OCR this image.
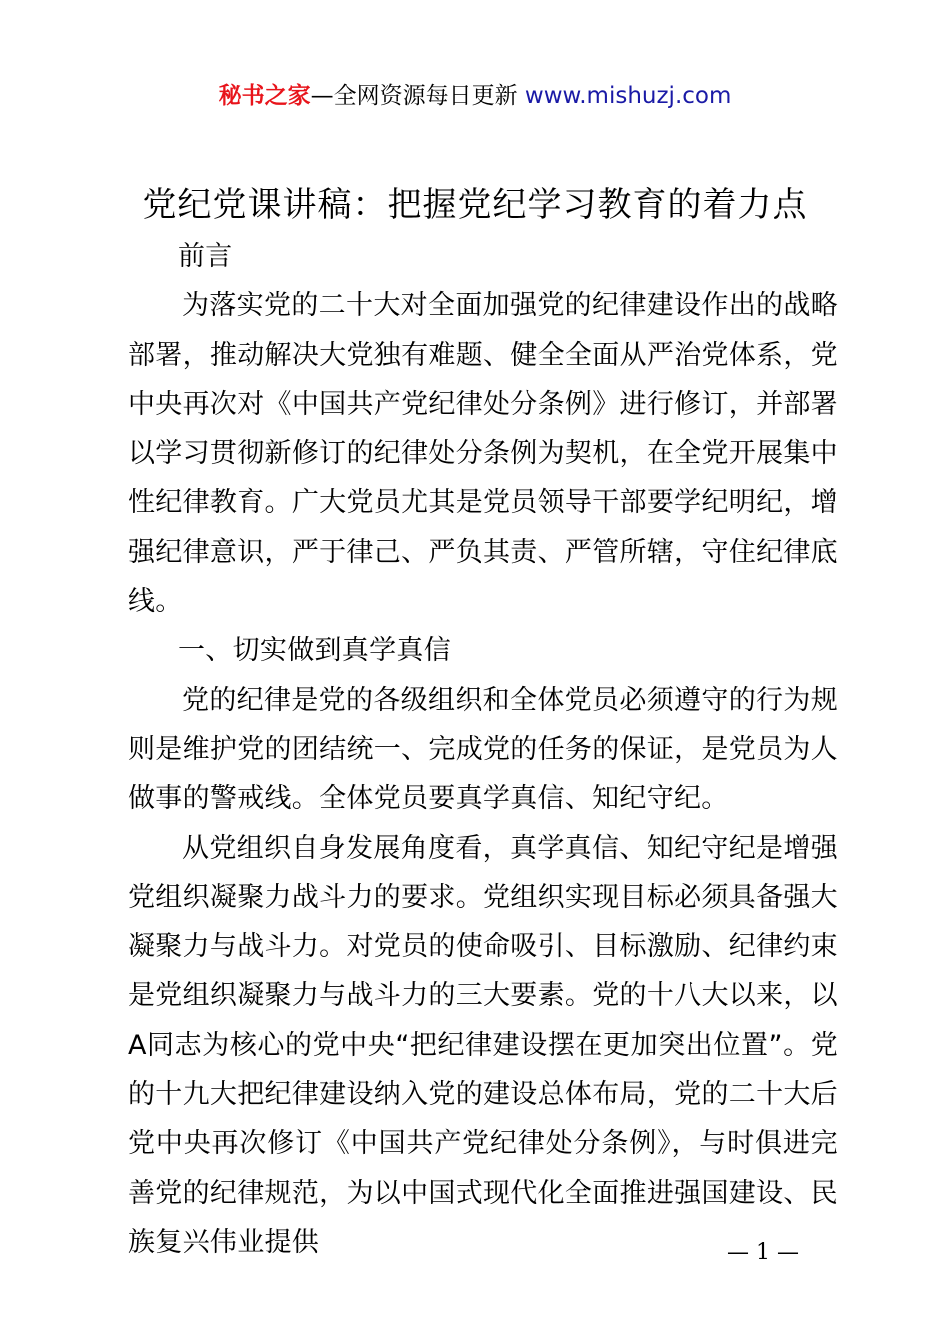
秘书之家—全网资源每日更新 www.mishuzj.com
党纪党课讲稿：把握党纪学习教育的着力点

前言

为落实党的二十大对全面加强党的纪律建设作出的战略部署，推动解决大党独有难题、健全全面从严治党体系，党中央再次对《中国共产党纪律处分条例》进行修订，并部署以学习贯彻新修订的纪律处分条例为契机，在全党开展集中性纪律教育。广大党员尤其是党员领导干部要学纪明纪，增强纪律意识，严于律己、严负其责、严管所辖，守住纪律底线。

一、切实做到真学真信

党的纪律是党的各级组织和全体党员必须遵守的行为规则是维护党的团结统一、完成党的任务的保证，是党员为人做事的警戒线。全体党员要真学真信、知纪守纪。

从党组织自身发展角度看，真学真信、知纪守纪是增强党组织凝聚力战斗力的要求。党组织实现目标必须具备强大凝聚力与战斗力。对党员的使命吸引、目标激励、纪律约束是党组织凝聚力与战斗力的三大要素。党的十八大以来，以A同志为核心的党中央“把纪律建设摆在更加突出位置”。党的十九大把纪律建设纳入党的建设总体布局，党的二十大后党中央再次修订《中国共产党纪律处分条例》，与时俱进完善党的纪律规范，为以中国式现代化全面推进强国建设、民族复兴伟业提供	— 1 —
